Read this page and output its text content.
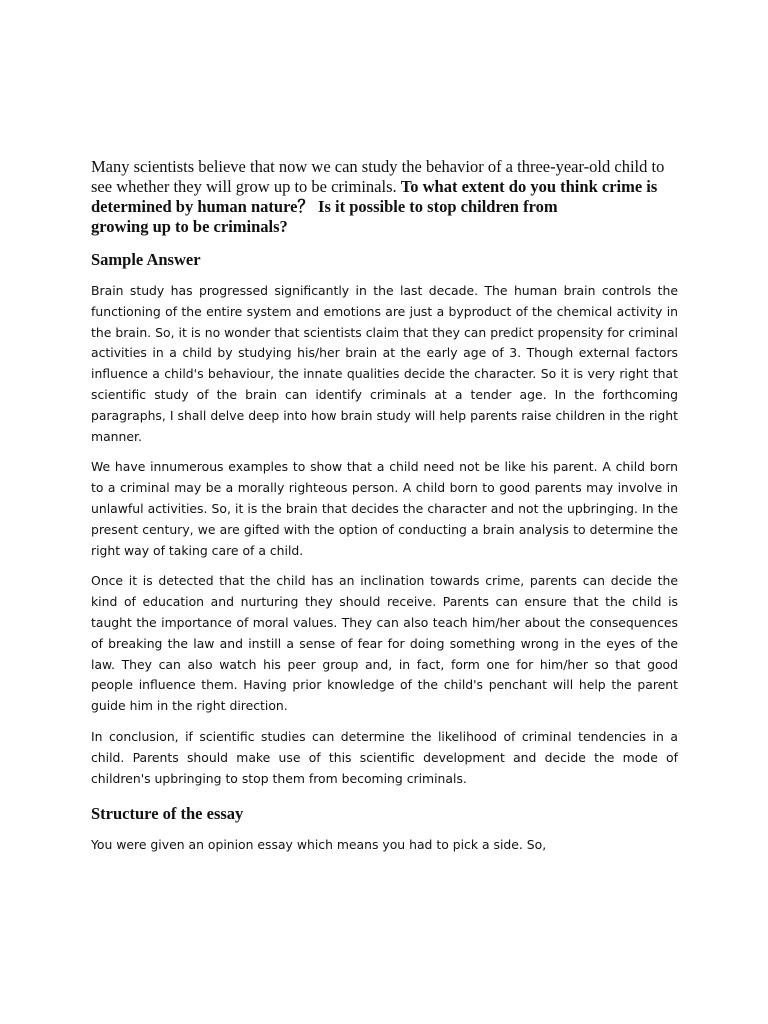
Many scientists believe that now we can study the behavior of a three-year-old child to see whether they will grow up to be criminals. To what extent do you think crime is determined by human nature？ Is it possible to stop children from
growing up to be criminals?

Sample Answer

Brain study has progressed significantly in the last decade. The human brain controls the functioning of the entire system and emotions are just a byproduct of the chemical activity in the brain. So, it is no wonder that scientists claim that they can predict propensity for criminal activities in a child by studying his/her brain at the early age of 3. Though external factors influence a child's behaviour, the innate qualities decide the character. So it is very right that scientific study of the brain can identify criminals at a tender age. In the forthcoming paragraphs, I shall delve deep into how brain study will help parents raise children in the right manner.

We have innumerous examples to show that a child need not be like his parent. A child born to a criminal may be a morally righteous person. A child born to good parents may involve in unlawful activities. So, it is the brain that decides the character and not the upbringing. In the present century, we are gifted with the option of conducting a brain analysis to determine the right way of taking care of a child.

Once it is detected that the child has an inclination towards crime, parents can decide the kind of education and nurturing they should receive. Parents can ensure that the child is taught the importance of moral values. They can also teach him/her about the consequences of breaking the law and instill a sense of fear for doing something wrong in the eyes of the law. They can also watch his peer group and, in fact, form one for him/her so that good people influence them. Having prior knowledge of the child's penchant will help the parent guide him in the right direction.

In conclusion, if scientific studies can determine the likelihood of criminal tendencies in a child. Parents should make use of this scientific development and decide the mode of children's upbringing to stop them from becoming criminals.

Structure of the essay

You were given an opinion essay which means you had to pick a side. So,
